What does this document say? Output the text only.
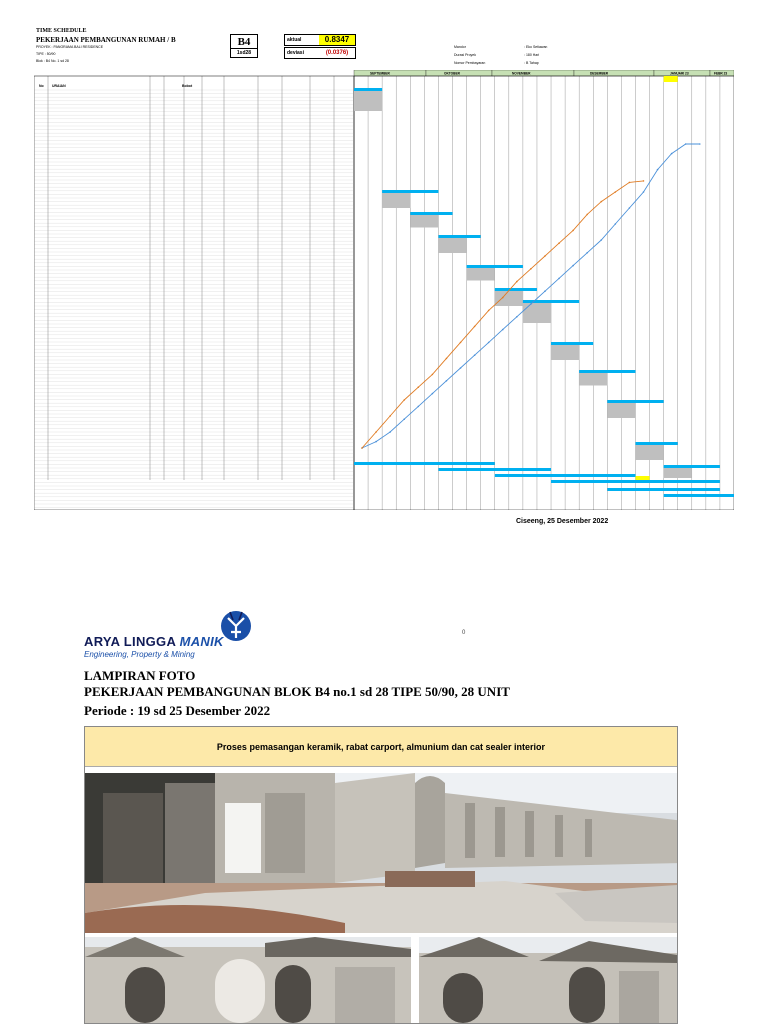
TIME SCHEDULE
PEKERJAAN PEMBANGUNAN RUMAH / B
PROYEK : PANORAMA BALI RESIDENCE
TIPE : 50/90
Blok : B4 No. 1 sd 28
B4
1sd28
aktual	0.8347
deviasi	(0.0376)
Mandor	: Eko Setiawan
Durasi Proyek	: 180 Hari
Nomor Pembayaran	: B Tahap
URAIAN
No	Bobot
SEPTEMBER	OKTOBER	NOVEMBER	DESEMBER	JANUARI 23	FEBR 23
Ciseeng, 25 Desember 2022
ARYA LINGGA MANIK
Engineering, Property & Mining
0
LAMPIRAN FOTO
PEKERJAAN PEMBANGUNAN BLOK B4 no.1 sd 28 TIPE 50/90, 28 UNIT
Periode : 19 sd 25 Desember 2022
Proses pemasangan keramik, rabat carport, almunium dan cat sealer interior
